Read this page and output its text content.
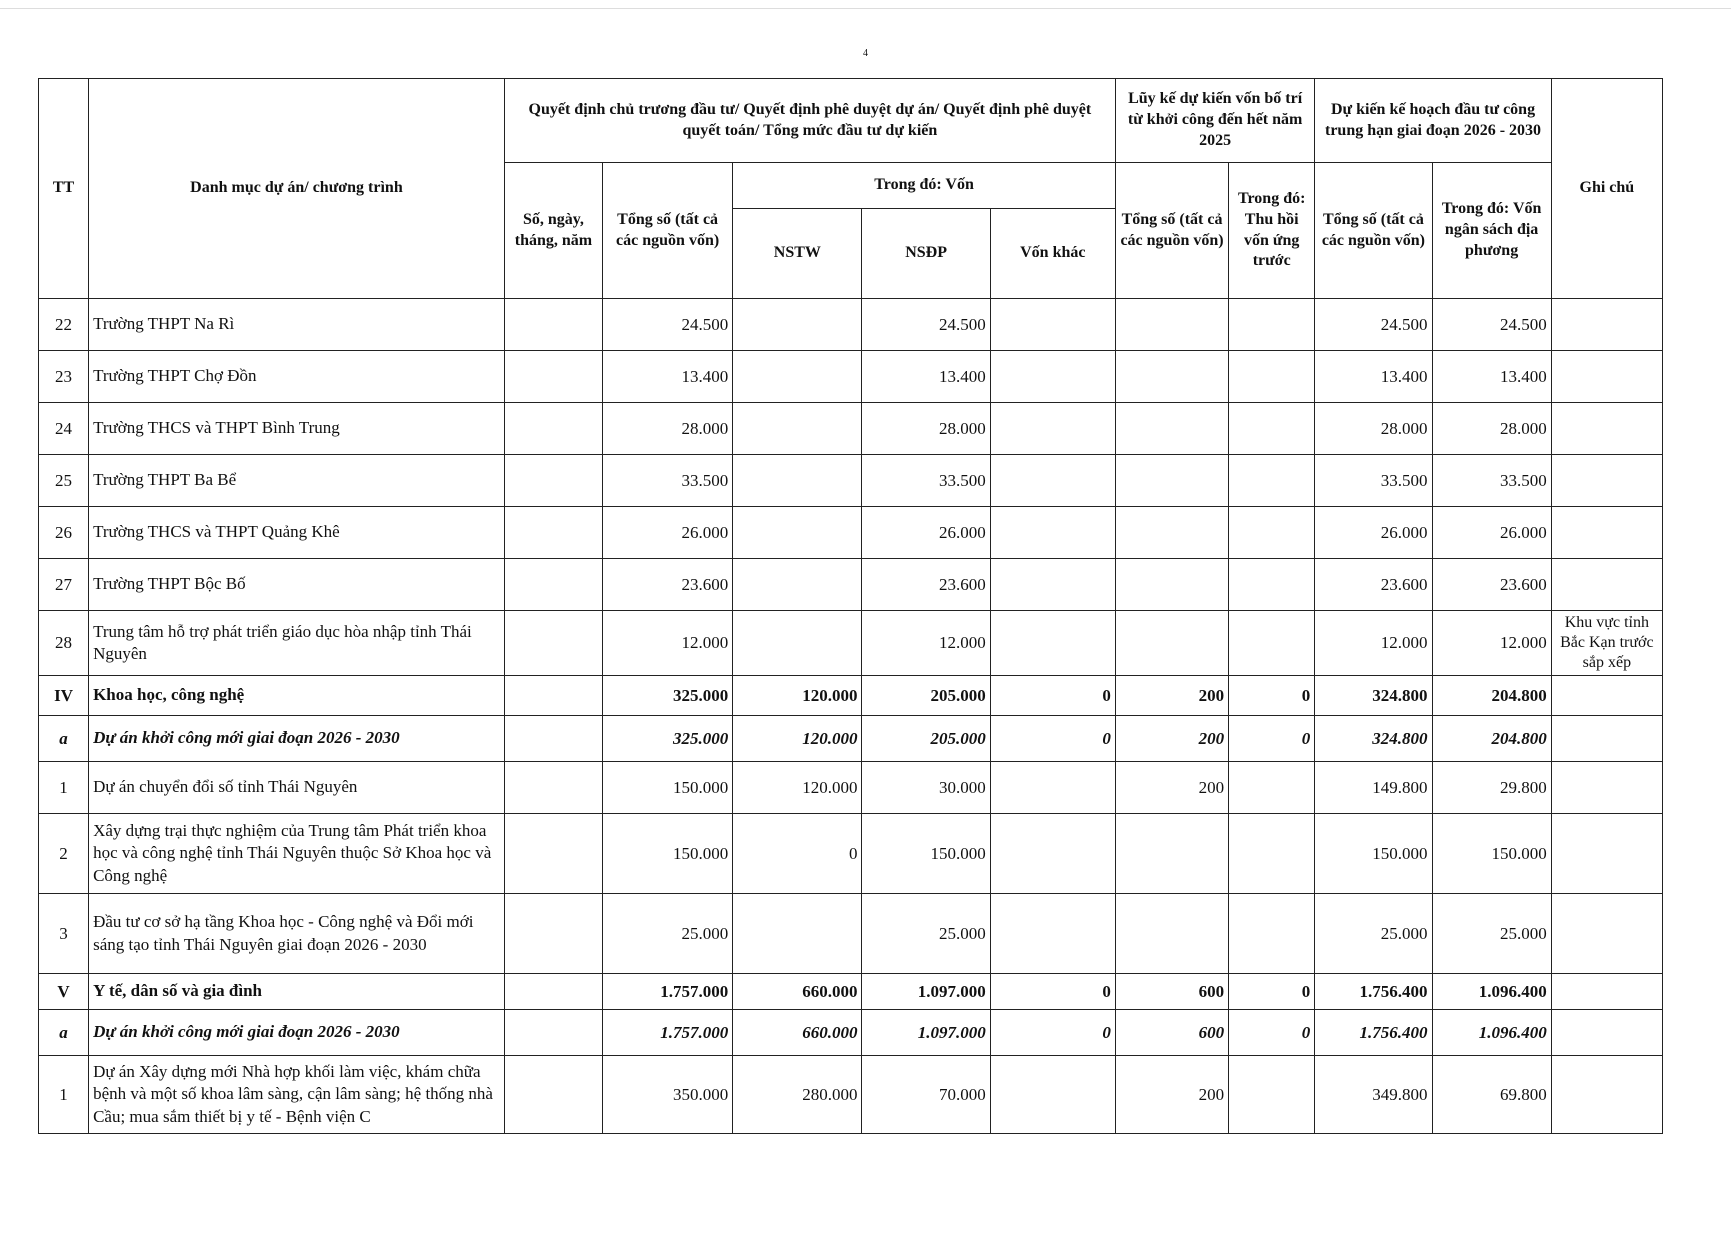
4
TT	Danh mục dự án/ chương trình	Quyết định chủ trương đầu tư/ Quyết định phê duyệt dự án/ Quyết định phê duyệt quyết toán/ Tổng mức đầu tư dự kiến					Lũy kế dự kiến vốn bố trí từ khởi công đến hết năm 2025		Dự kiến kế hoạch đầu tư công trung hạn giai đoạn 2026 - 2030		Ghi chú
		Số, ngày, tháng, năm	Tổng số (tất cả các nguồn vốn)	Trong đó: Vốn			Tổng số (tất cả các nguồn vốn)	Trong đó: Thu hồi vốn ứng trước	Tổng số (tất cả các nguồn vốn)	Trong đó: Vốn ngân sách địa phương	
				NSTW	NSĐP	Vốn khác					
22	Trường THPT Na Rì		24.500		24.500				24.500	24.500	
23	Trường THPT Chợ Đồn		13.400		13.400				13.400	13.400	
24	Trường THCS và THPT Bình Trung		28.000		28.000				28.000	28.000	
25	Trường THPT Ba Bể		33.500		33.500				33.500	33.500	
26	Trường THCS và THPT Quảng Khê		26.000		26.000				26.000	26.000	
27	Trường THPT Bộc Bố		23.600		23.600				23.600	23.600	
28	Trung tâm hỗ trợ phát triển giáo dục hòa nhập tỉnh Thái Nguyên		12.000		12.000				12.000	12.000	Khu vực tỉnh Bắc Kạn trước sắp xếp
IV	Khoa học, công nghệ		325.000	120.000	205.000	0	200	0	324.800	204.800	
a	Dự án khởi công mới giai đoạn 2026 - 2030		325.000	120.000	205.000	0	200	0	324.800	204.800	
1	Dự án chuyển đổi số tỉnh Thái Nguyên		150.000	120.000	30.000		200		149.800	29.800	
2	Xây dựng trại thực nghiệm của Trung tâm Phát triển khoa học và công nghệ tỉnh Thái Nguyên thuộc Sở Khoa học và Công nghệ		150.000	0	150.000				150.000	150.000	
3	Đầu tư cơ sở hạ tầng Khoa học - Công nghệ và Đổi mới sáng tạo tỉnh Thái Nguyên giai đoạn 2026 - 2030		25.000		25.000				25.000	25.000	
V	Y tế, dân số và gia đình		1.757.000	660.000	1.097.000	0	600	0	1.756.400	1.096.400	
a	Dự án khởi công mới giai đoạn 2026 - 2030		1.757.000	660.000	1.097.000	0	600	0	1.756.400	1.096.400	
1	Dự án Xây dựng mới Nhà hợp khối làm việc, khám chữa bệnh và một số khoa lâm sàng, cận lâm sàng; hệ thống nhà Cầu; mua sắm thiết bị y tế - Bệnh viện C		350.000	280.000	70.000		200		349.800	69.800	
